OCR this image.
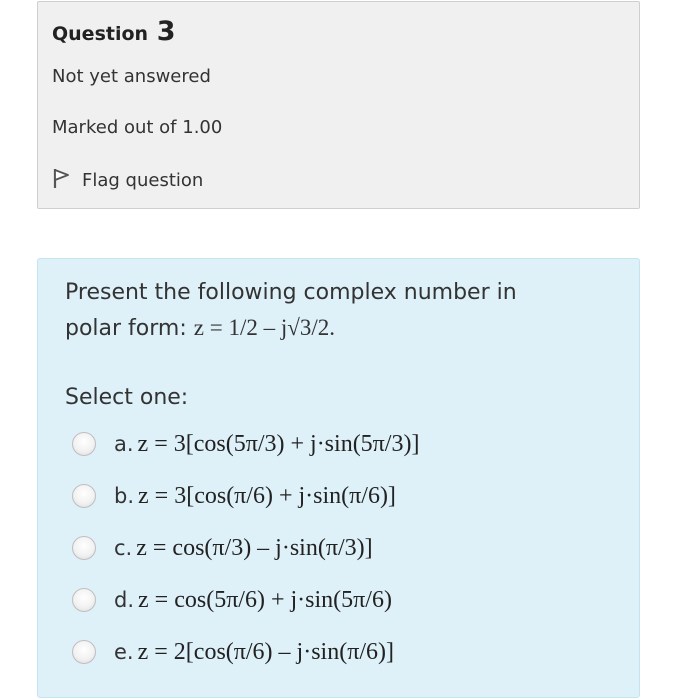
Question 3
Not yet answered
Marked out of 1.00
Flag question
Present the following complex number in
polar form: z = 1/2 – j√3/2.
Select one:
a. z = 3[cos(5π/3) + j·sin(5π/3)]
b. z = 3[cos(π/6) + j·sin(π/6)]
c. z = cos(π/3) – j·sin(π/3)]
d. z = cos(5π/6) + j·sin(5π/6)
e. z = 2[cos(π/6) – j·sin(π/6)]
